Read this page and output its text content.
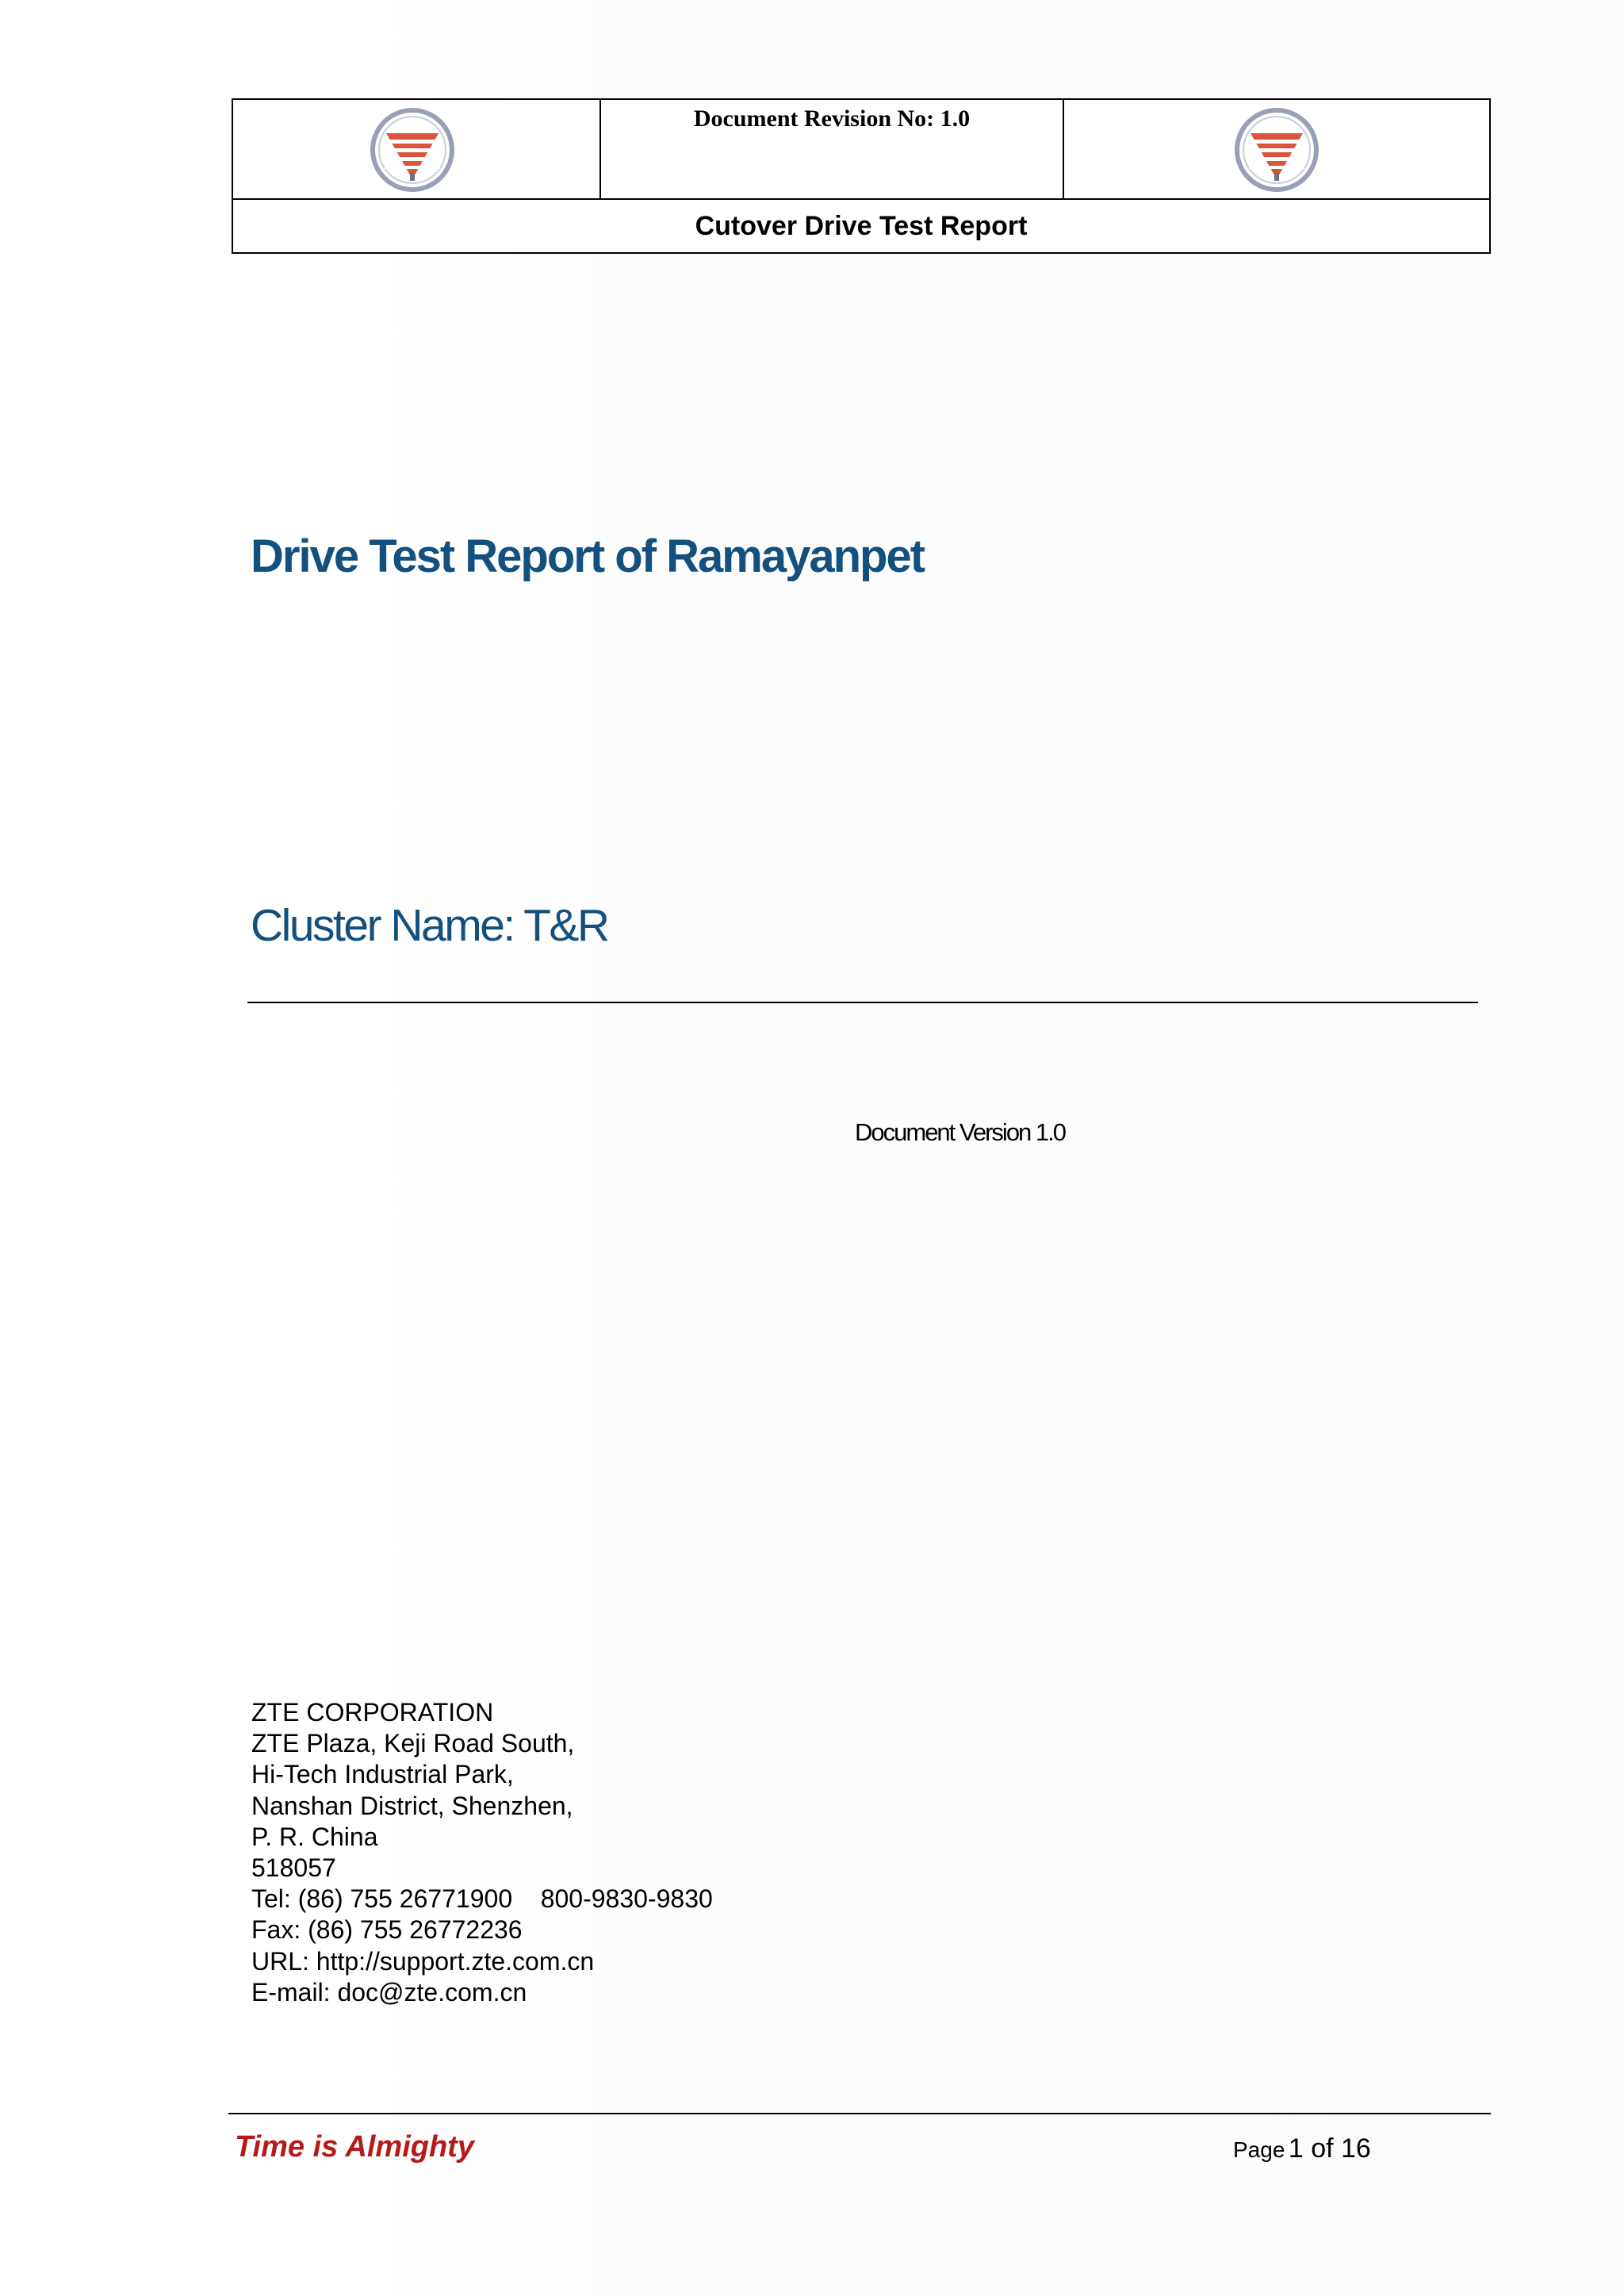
Document Revision No: 1.0
Cutover Drive Test Report
Drive Test Report of Ramayanpet
Cluster Name: T&R
Document Version 1.0
ZTE CORPORATION
ZTE Plaza, Keji Road South,
Hi-Tech Industrial Park,
Nanshan District, Shenzhen,
P. R. China
518057
Tel: (86) 755 26771900    800-9830-9830
Fax: (86) 755 26772236
URL: http://support.zte.com.cn
E-mail: doc@zte.com.cn
Time is Almighty	Page 1 of 16
